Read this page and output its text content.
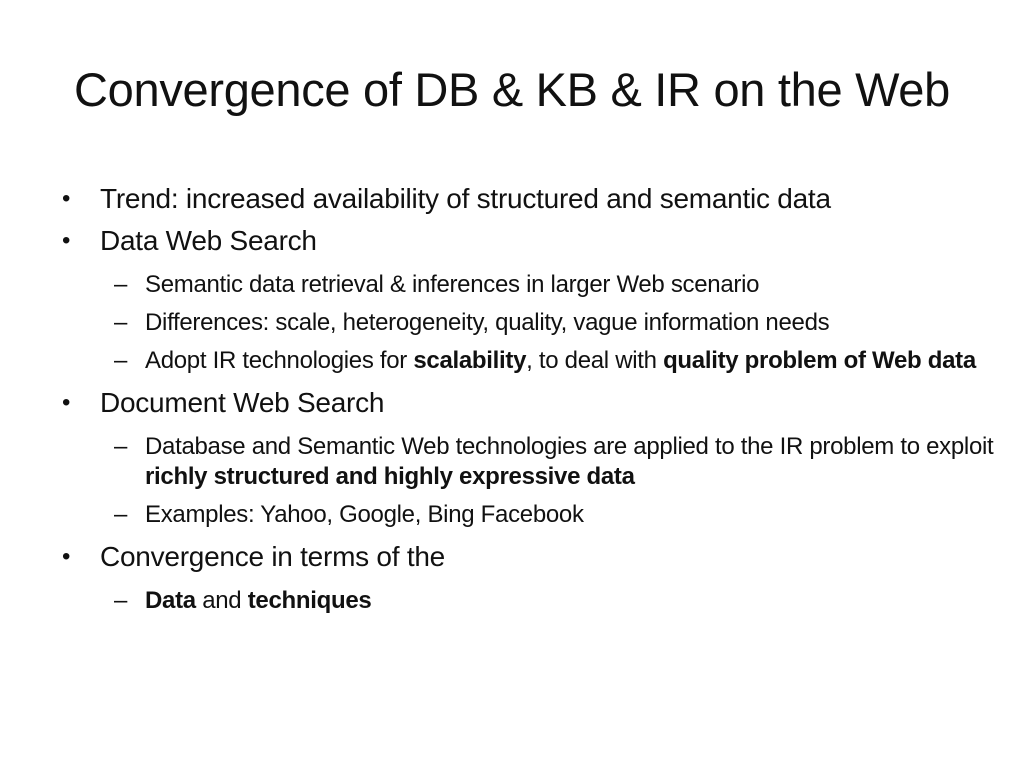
Convergence of DB & KB & IR on the Web
• Trend: increased availability of structured and semantic data
• Data Web Search
– Semantic data retrieval & inferences in larger Web scenario
– Differences: scale, heterogeneity, quality, vague information needs
– Adopt IR technologies for scalability, to deal with quality problem of Web data
• Document Web Search
– Database and Semantic Web technologies are applied to the IR problem to exploit richly structured and highly expressive data
– Examples: Yahoo, Google, Bing Facebook
• Convergence in terms of the
– Data and techniques
